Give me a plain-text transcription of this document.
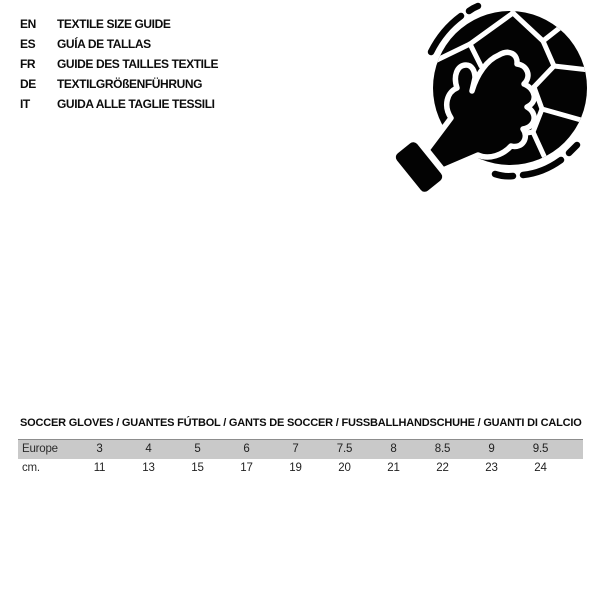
EN TEXTILE SIZE GUIDE
ES GUÍA DE TALLAS
FR GUIDE DES TAILLES TEXTILE
DE TEXTILGRÖßENFÜHRUNG
IT GUIDA ALLE TAGLIE TESSILI
SOCCER GLOVES / GUANTES FÚTBOL / GANTS DE SOCCER / FUSSBALLHANDSCHUHE / GUANTI DI CALCIO
Europe	3	4	5	6	7	7.5	8	8.5	9	9.5
cm.	11	13	15	17	19	20	21	22	23	24
